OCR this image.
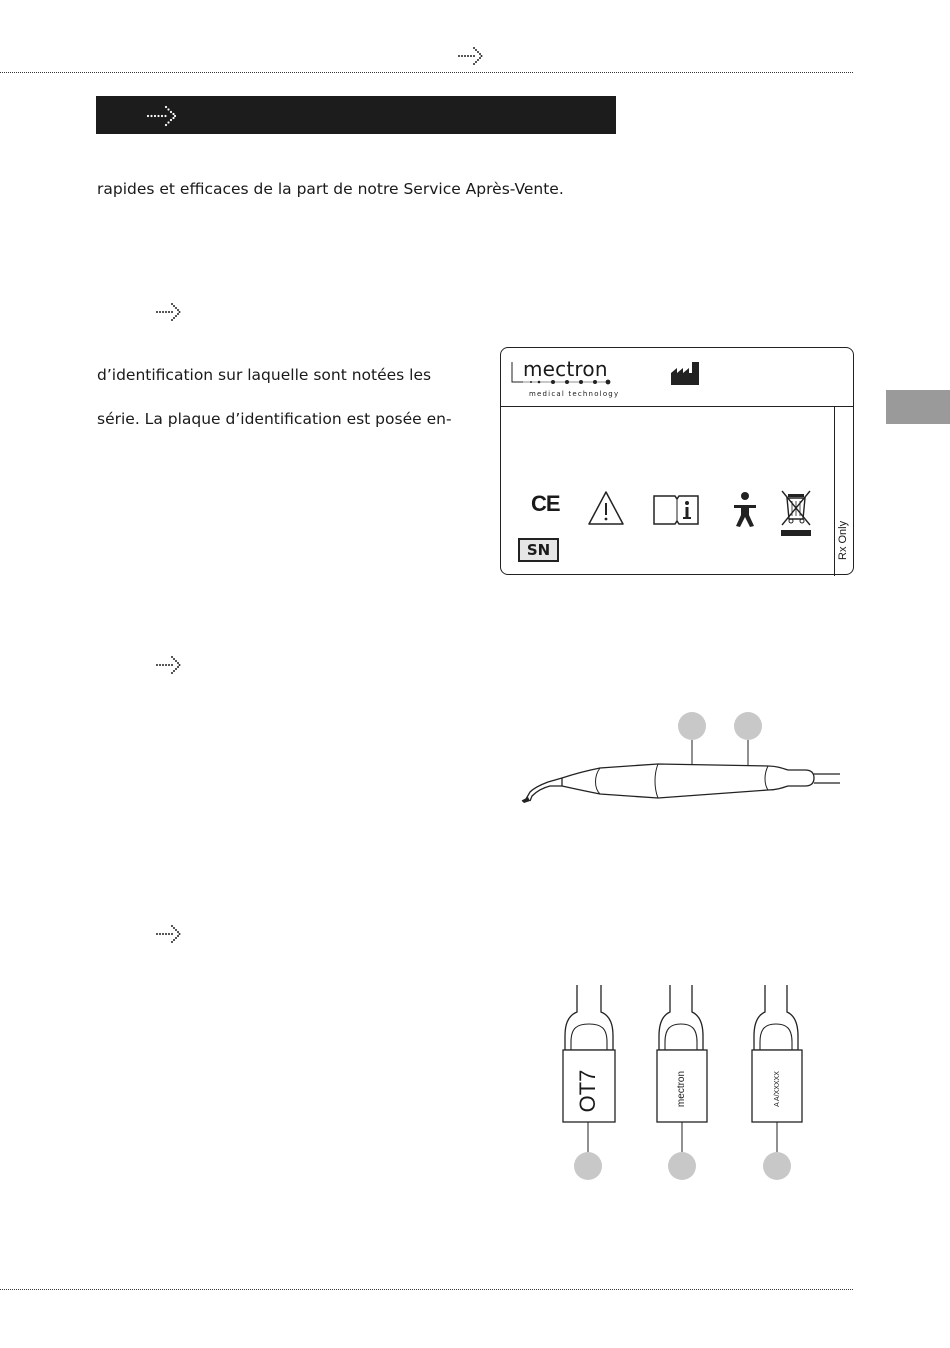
rapides et efficaces de la part de notre Service Après-Vente.
d’identification sur laquelle sont notées les
série. La plaque d’identification est posée en-
mectron
medical technology
CE
SN	Rx Only
OT7	mectron	A A/XXXXX
